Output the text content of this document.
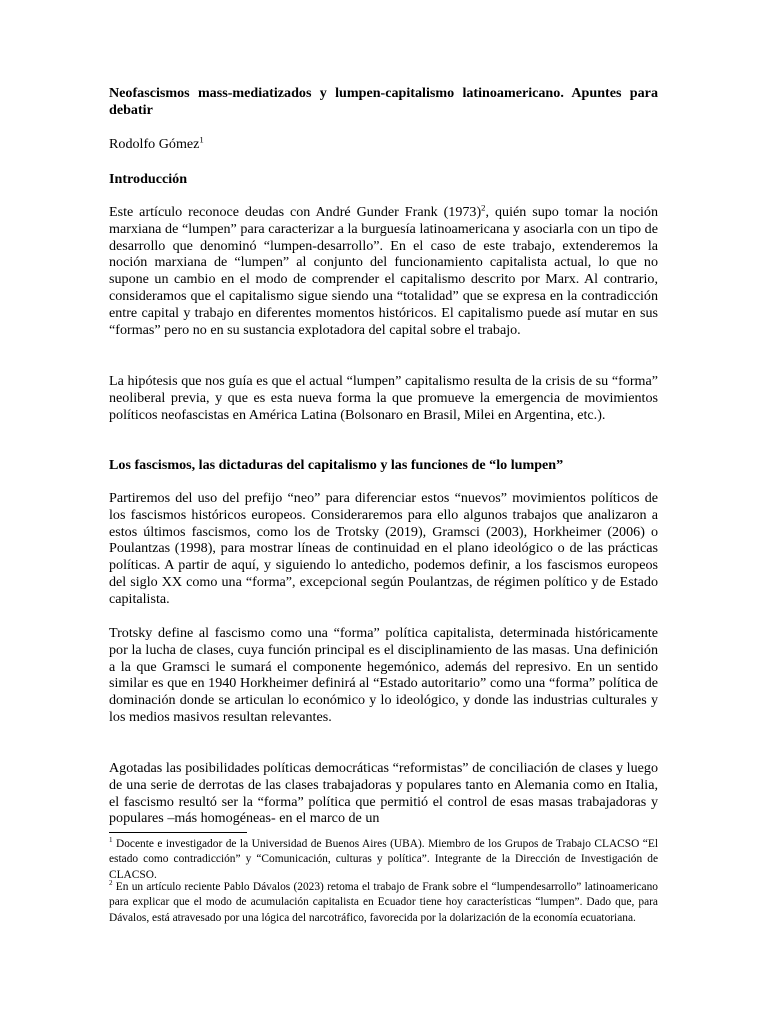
Neofascismos mass-mediatizados y lumpen-capitalismo latinoamericano. Apuntes para debatir

Rodolfo Gómez$^1$

Introducción

Este artículo reconoce deudas con André Gunder Frank $(1973)^2$, quién supo tomar la noción marxiana de “lumpen” para caracterizar a la burguesía latinoamericana y asociarla con un tipo de desarrollo que denominó “lumpen-desarrollo”. En el caso de este trabajo, extenderemos la noción marxiana de “lumpen” al conjunto del funcionamiento capitalista actual, lo que no supone un cambio en el modo de comprender el capitalismo descrito por Marx. Al contrario, consideramos que el capitalismo sigue siendo una “totalidad” que se expresa en la contradicción entre capital y trabajo en diferentes momentos históricos. El capitalismo puede así mutar en sus “formas” pero no en su sustancia explotadora del capital sobre el trabajo.

La hipótesis que nos guía es que el actual “lumpen” capitalismo resulta de la crisis de su “forma” neoliberal previa, y que es esta nueva forma la que promueve la emergencia de movimientos políticos neofascistas en América Latina (Bolsonaro en Brasil, Milei en Argentina, etc.).

Los fascismos, las dictaduras del capitalismo y las funciones de “lo lumpen”

Partiremos del uso del prefijo “neo” para diferenciar estos “nuevos” movimientos políticos de los fascismos históricos europeos. Consideraremos para ello algunos trabajos que analizaron a estos últimos fascismos, como los de Trotsky (2019), Gramsci (2003), Horkheimer (2006) o Poulantzas (1998), para mostrar líneas de continuidad en el plano ideológico o de las prácticas políticas. A partir de aquí, y siguiendo lo antedicho, podemos definir, a los fascismos europeos del siglo XX como una “forma”, excepcional según Poulantzas, de régimen político y de Estado capitalista.

Trotsky define al fascismo como una “forma” política capitalista, determinada históricamente por la lucha de clases, cuya función principal es el disciplinamiento de las masas. Una definición a la que Gramsci le sumará el componente hegemónico, además del represivo. En un sentido similar es que en 1940 Horkheimer definirá al “Estado autoritario” como una “forma” política de dominación donde se articulan lo económico y lo ideológico, y donde las industrias culturales y los medios masivos resultan relevantes.

Agotadas las posibilidades políticas democráticas “reformistas” de conciliación de clases y luego de una serie de derrotas de las clases trabajadoras y populares tanto en Alemania como en Italia, el fascismo resultó ser la “forma” política que permitió el control de esas masas trabajadoras y populares –más homogéneas- en el marco de un

$^1$ Docente e investigador de la Universidad de Buenos Aires (UBA). Miembro de los Grupos de Trabajo CLACSO “El estado como contradicción” y “Comunicación, culturas y política”. Integrante de la Dirección de Investigación de CLACSO.

$^2$ En un artículo reciente Pablo Dávalos (2023) retoma el trabajo de Frank sobre el “lumpendesarrollo” latinoamericano para explicar que el modo de acumulación capitalista en Ecuador tiene hoy características “lumpen”. Dado que, para Dávalos, está atravesado por una lógica del narcotráfico, favorecida por la dolarización de la economía ecuatoriana.
